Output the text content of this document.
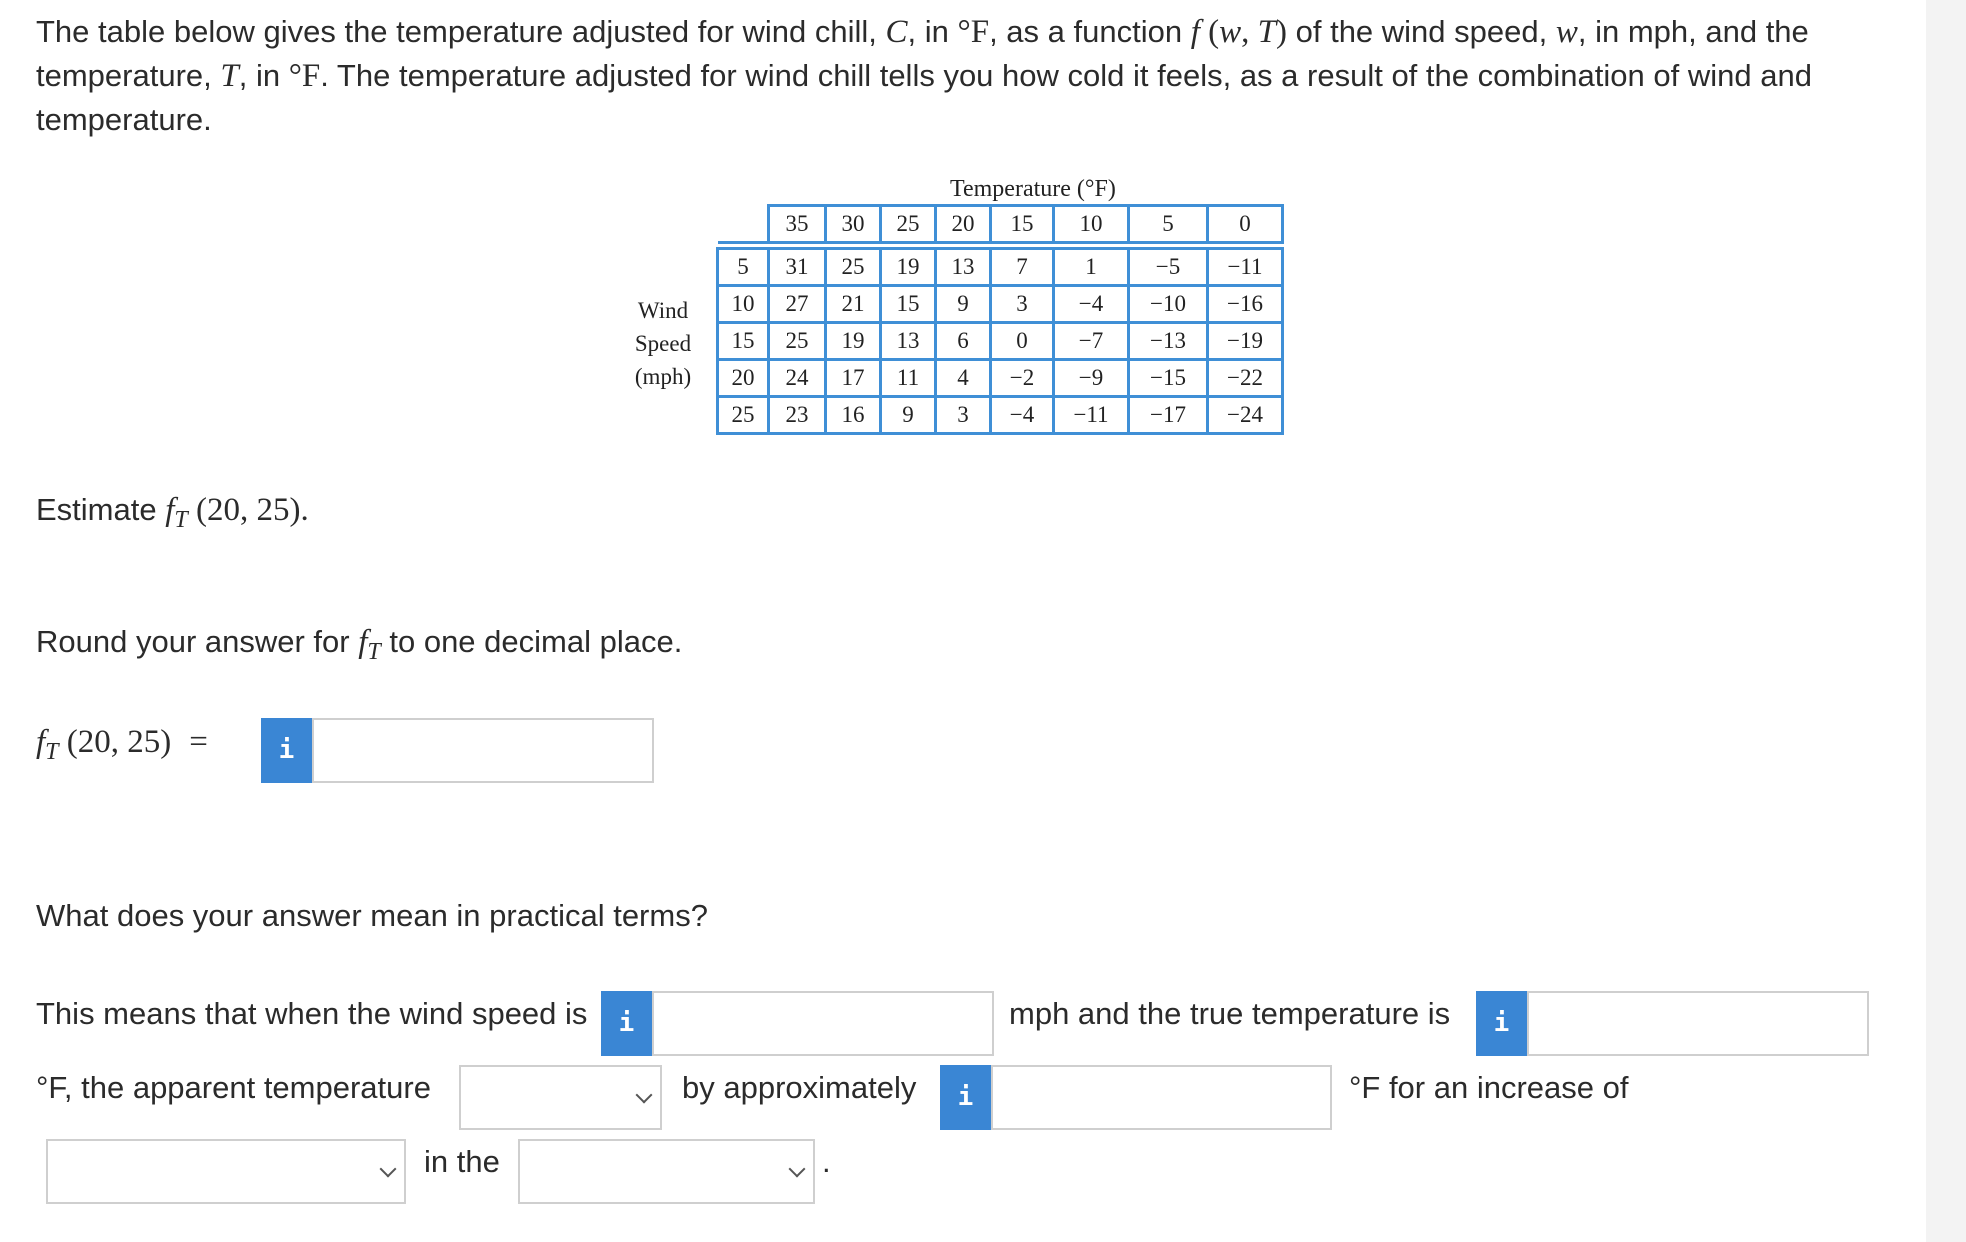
The table below gives the temperature adjusted for wind chill, C, in °F, as a function f (w, T) of the wind speed, w, in mph, and the temperature, T, in °F. The temperature adjusted for wind chill tells you how cold it feels, as a result of the combination of wind and temperature.
Temperature (°F)
Wind
Speed
(mph)
	35	30	25	20	15	10	5	0

5	31	25	19	13	7	1	−5	−11
10	27	21	15	9	3	−4	−10	−16
15	25	19	13	6	0	−7	−13	−19
20	24	17	11	4	−2	−9	−15	−22
25	23	16	9	3	−4	−11	−17	−24
Estimate $f_T$ (20, 25).
Round your answer for $f_T$ to one decimal place.
$f_T$ (20, 25) =	i
What does your answer mean in practical terms?
This means that when the wind speed is	i	mph and the true temperature is	i
°F, the apparent temperature	by approximately	i	°F for an increase of
in the	.
